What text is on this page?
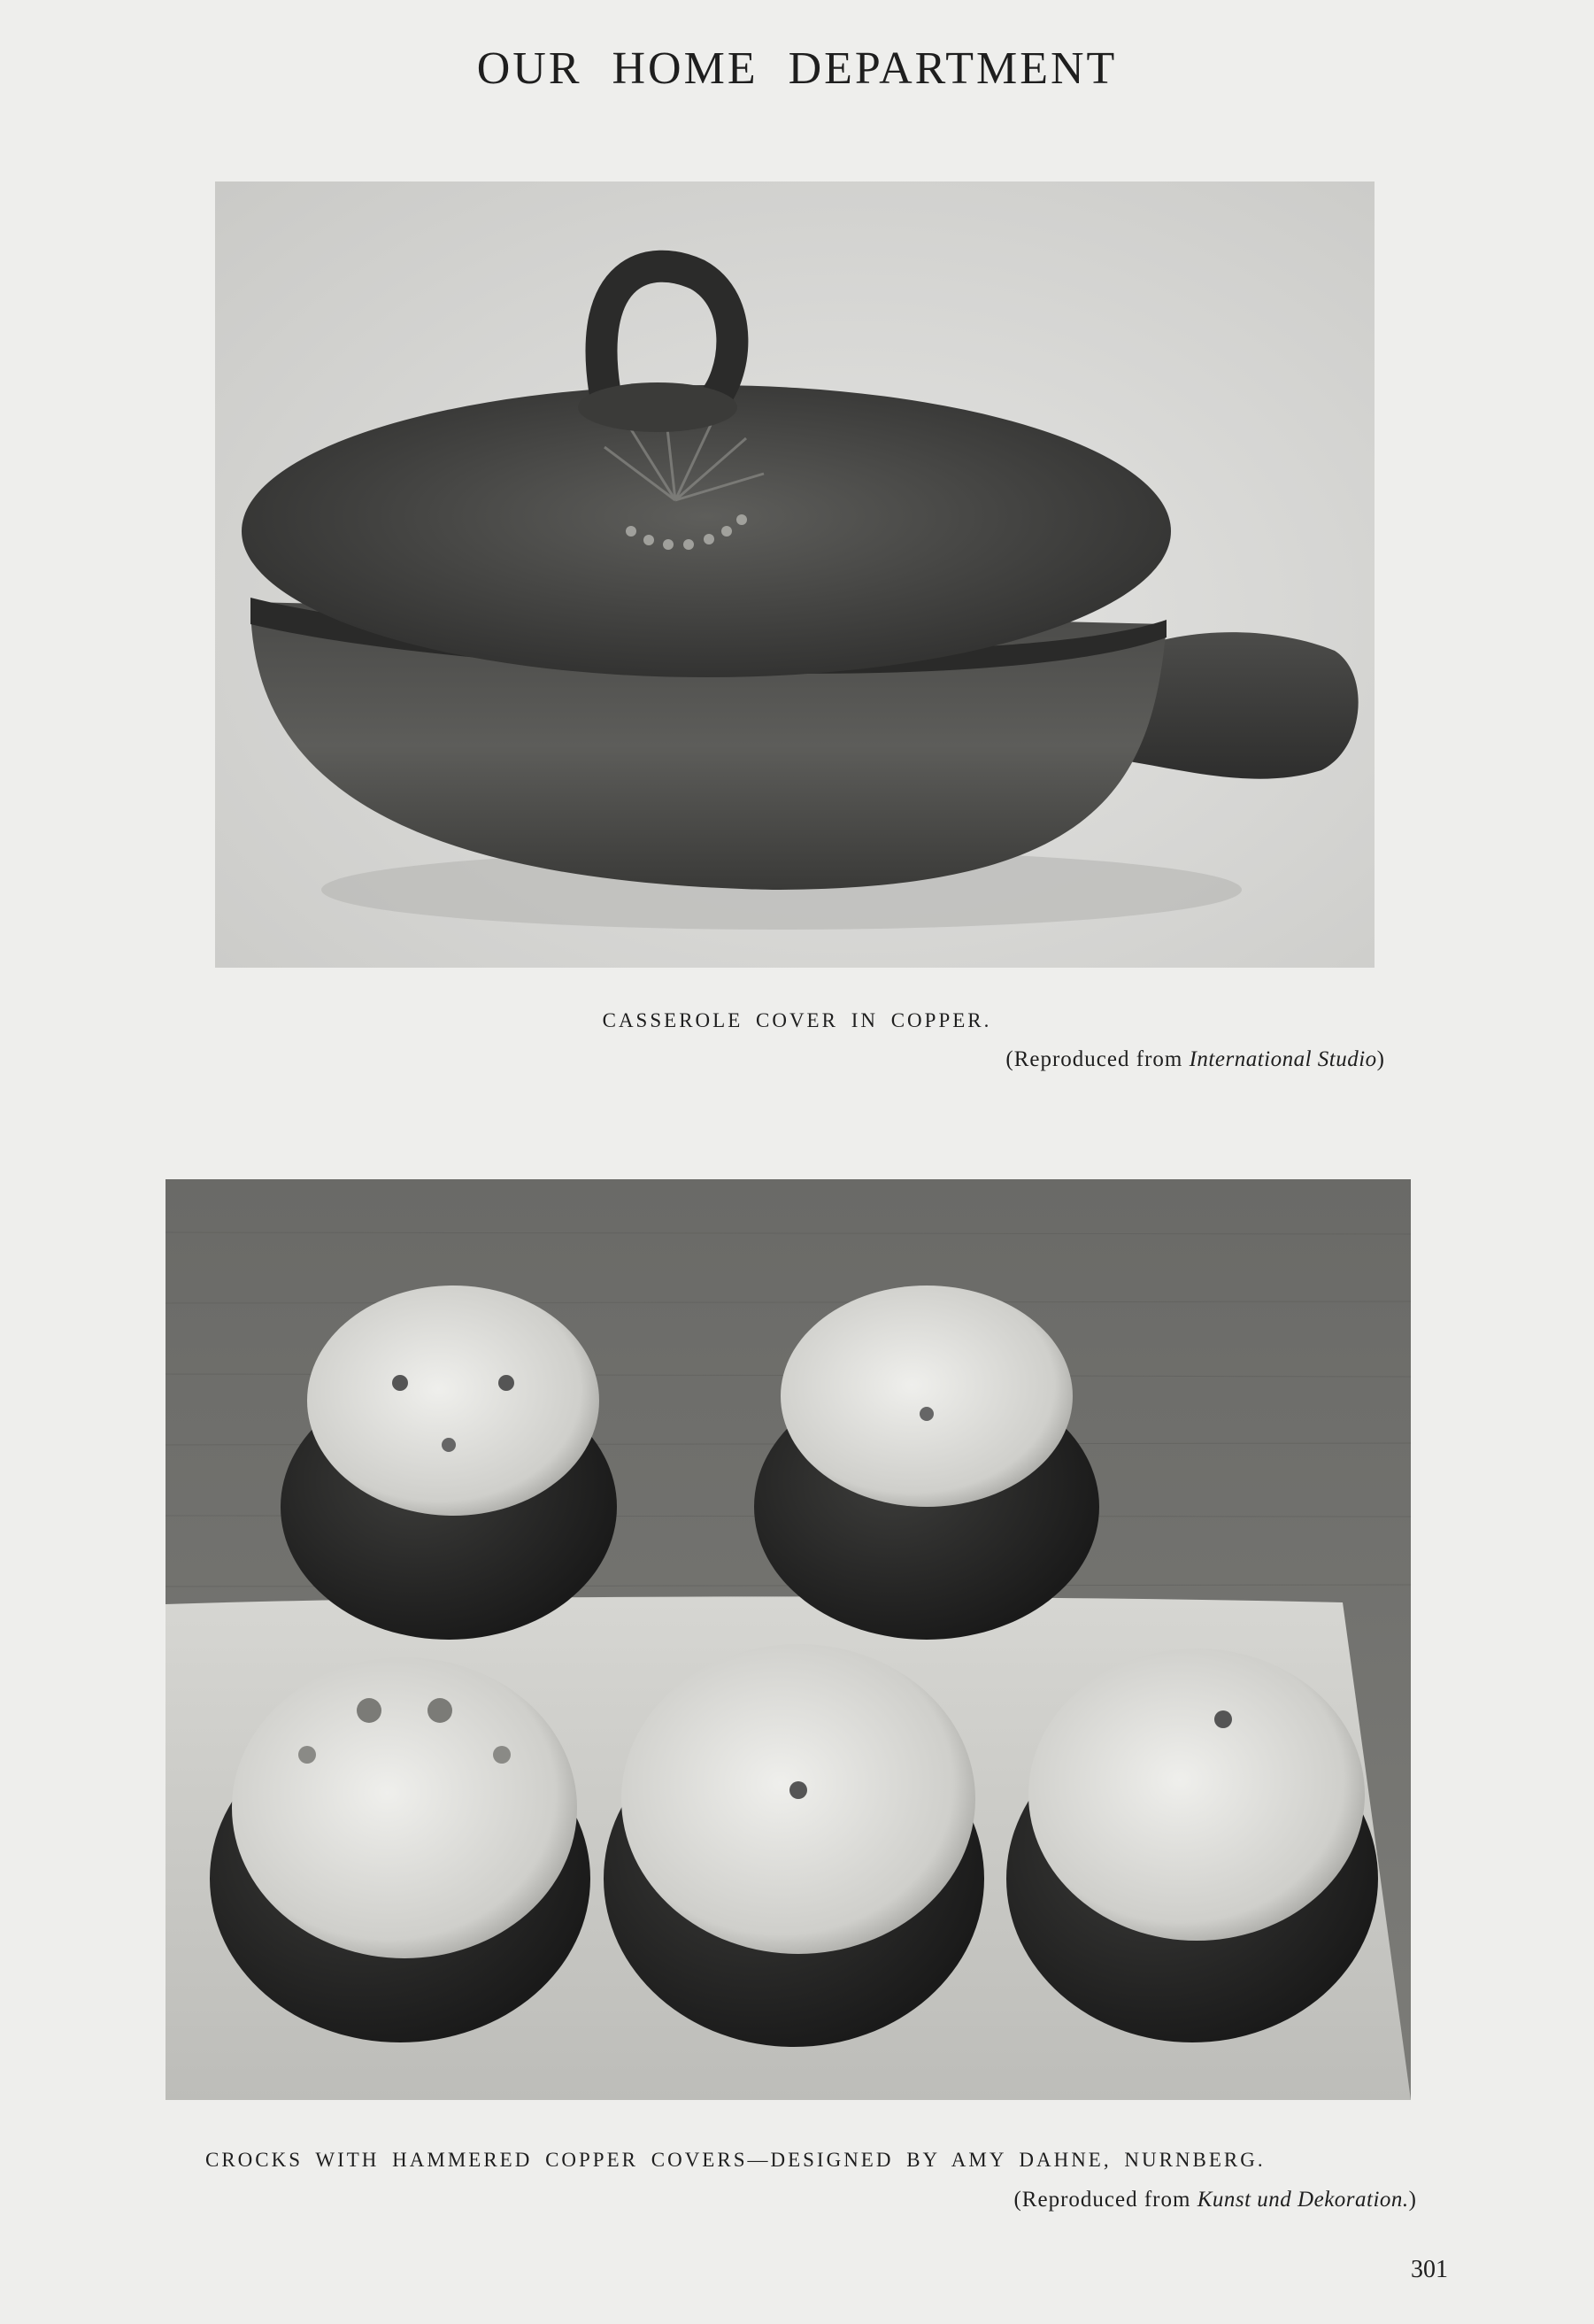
OUR HOME DEPARTMENT

CASSEROLE COVER IN COPPER.

(Reproduced from International Studio)

CROCKS WITH HAMMERED COPPER COVERS—DESIGNED BY AMY DAHNE, NURNBERG.

(Reproduced from Kunst und Dekoration.)

301
